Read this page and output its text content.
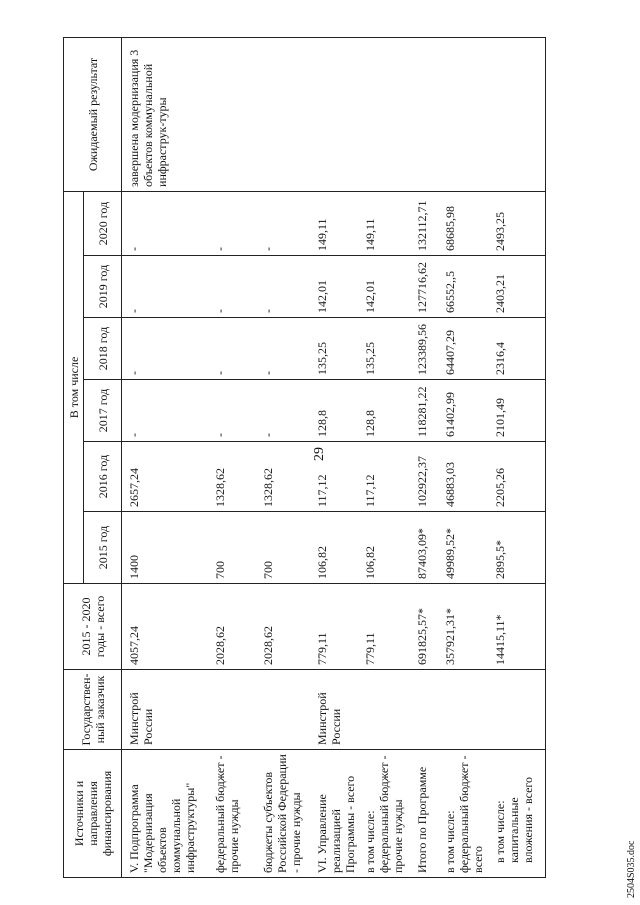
29
Источники и направления финансирования	Государствен-ный заказчик	2015 - 2020 годы - всего	В том числе						Ожидаемый результат
			2015 год	2016 год	2017 год	2018 год	2019 год	2020 год	
V. Подпрограмма "Модернизация объектов коммунальной инфраструктуры"	Минстрой России	4057,24	1400	2657,24	-	-	-	-	завершена модернизация 3 объектов коммунальной инфраструк-туры
федеральный бюджет - прочие нужды		2028,62	700	1328,62	-	-	-	-	
бюджеты субъектов Российской Федерации - прочие нужды		2028,62	700	1328,62	-	-	-	-	
VI. Управление реализацией Программы - всего	Минстрой России	779,11	106,82	117,12	128,8	135,25	142,01	149,11	
в том числе: федеральный бюджет - прочие нужды		779,11	106,82	117,12	128,8	135,25	142,01	149,11	
Итого по Программе		691825,57*	87403,09*	102922,37	118281,22	123389,56	127716,62	132112,71	
в том числе: федеральный бюджет - всего		357921,31*	49989,52*	46883,03	61402,99	64407,29	66552,,5	68685,98	
в том числе: капитальные вложения - всего		14415,11*	2895,5*	2205,26	2101,49	2316,4	2403,21	2493,25	
2504S035.doc
